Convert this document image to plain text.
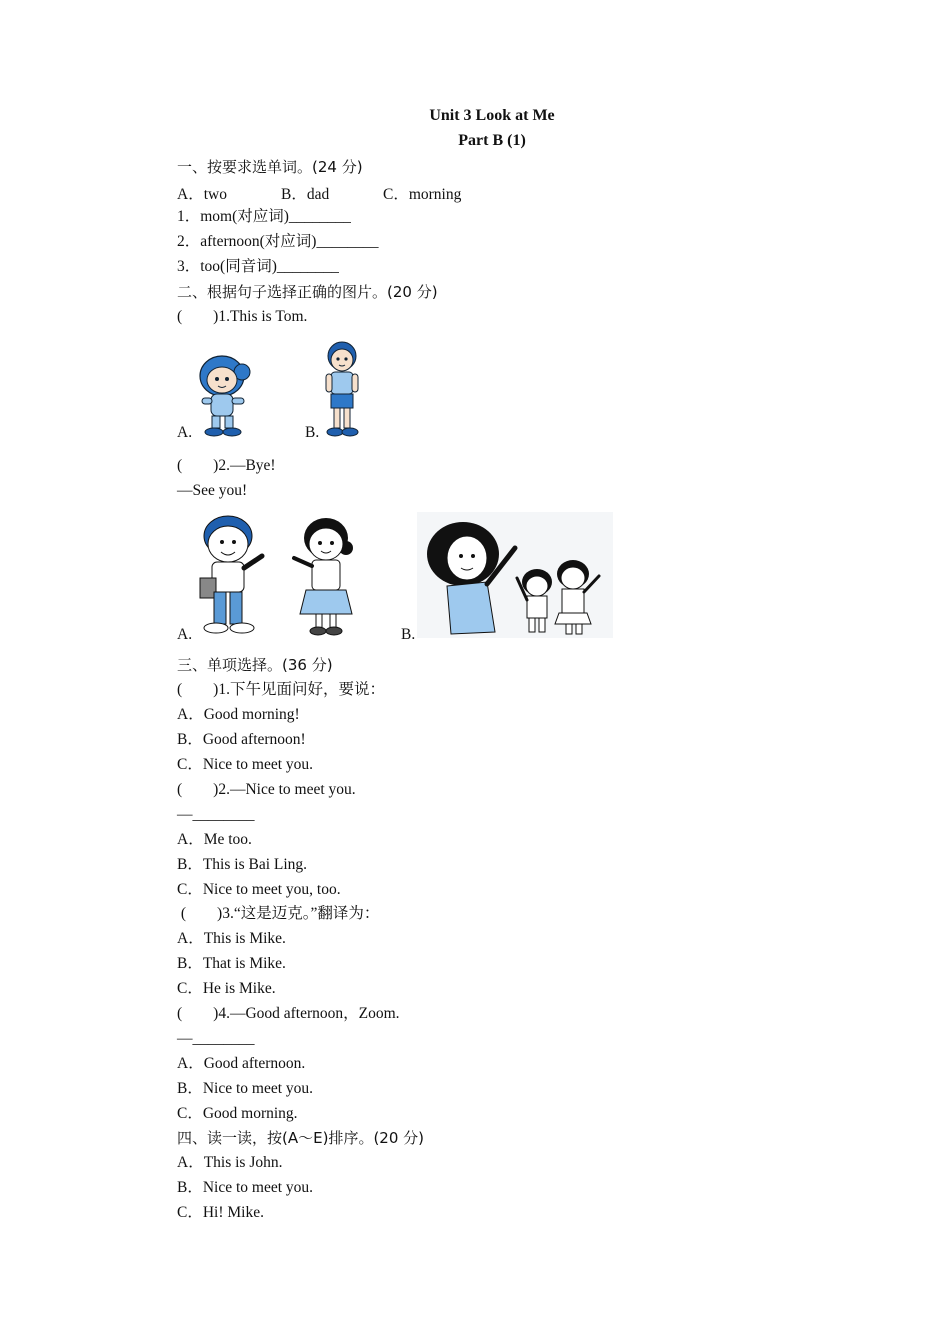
Unit 3 Look at Me
Part B (1)
一、按要求选单词。(24 分)
A．two	B．dad	C．morning
1．mom(对应词)________
2．afternoon(对应词)________
3．too(同音词)________
二、根据句子选择正确的图片。(20 分)
(        )1.This is Tom.
A.	B.
(        )2.—Bye!
—See you!
A.	B.
三、单项选择。(36 分)
(        )1.下午见面问好，要说：
A．Good morning!
B．Good afternoon!
C．Nice to meet you.
(        )2.—Nice to meet you.
—________
A．Me too.
B．This is Bai Ling.
C．Nice to meet you, too.
(        )3.“这是迈克。”翻译为：
A．This is Mike.
B．That is Mike.
C．He is Mike.
(        )4.—Good afternoon，Zoom.
—________
A．Good afternoon.
B．Nice to meet you.
C．Good morning.
四、读一读，按(A～E)排序。(20 分)
A．This is John.
B．Nice to meet you.
C．Hi! Mike.
